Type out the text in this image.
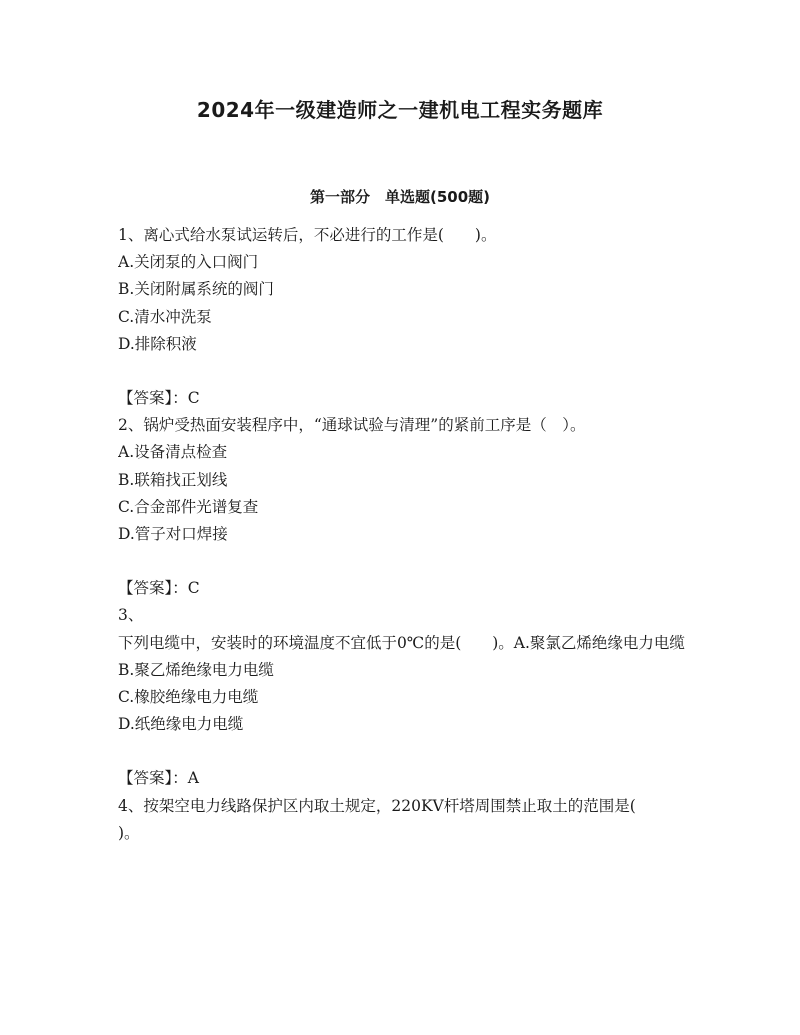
2024年一级建造师之一建机电工程实务题库
第一部分　单选题(500题)
1、离心式给水泵试运转后，不必进行的工作是(　　)。
A.关闭泵的入口阀门
B.关闭附属系统的阀门
C.清水冲洗泵
D.排除积液
【答案】：C
2、锅炉受热面安装程序中，“通球试验与清理”的紧前工序是（　）。
A.设备清点检查
B.联箱找正划线
C.合金部件光谱复查
D.管子对口焊接
【答案】：C
3、
下列电缆中，安装时的环境温度不宜低于0℃的是(　　)。A.聚氯乙烯绝缘电力电缆
B.聚乙烯绝缘电力电缆
C.橡胶绝缘电力电缆
D.纸绝缘电力电缆
【答案】：A
4、按架空电力线路保护区内取土规定，220KV杆塔周围禁止取土的范围是(　　)。
